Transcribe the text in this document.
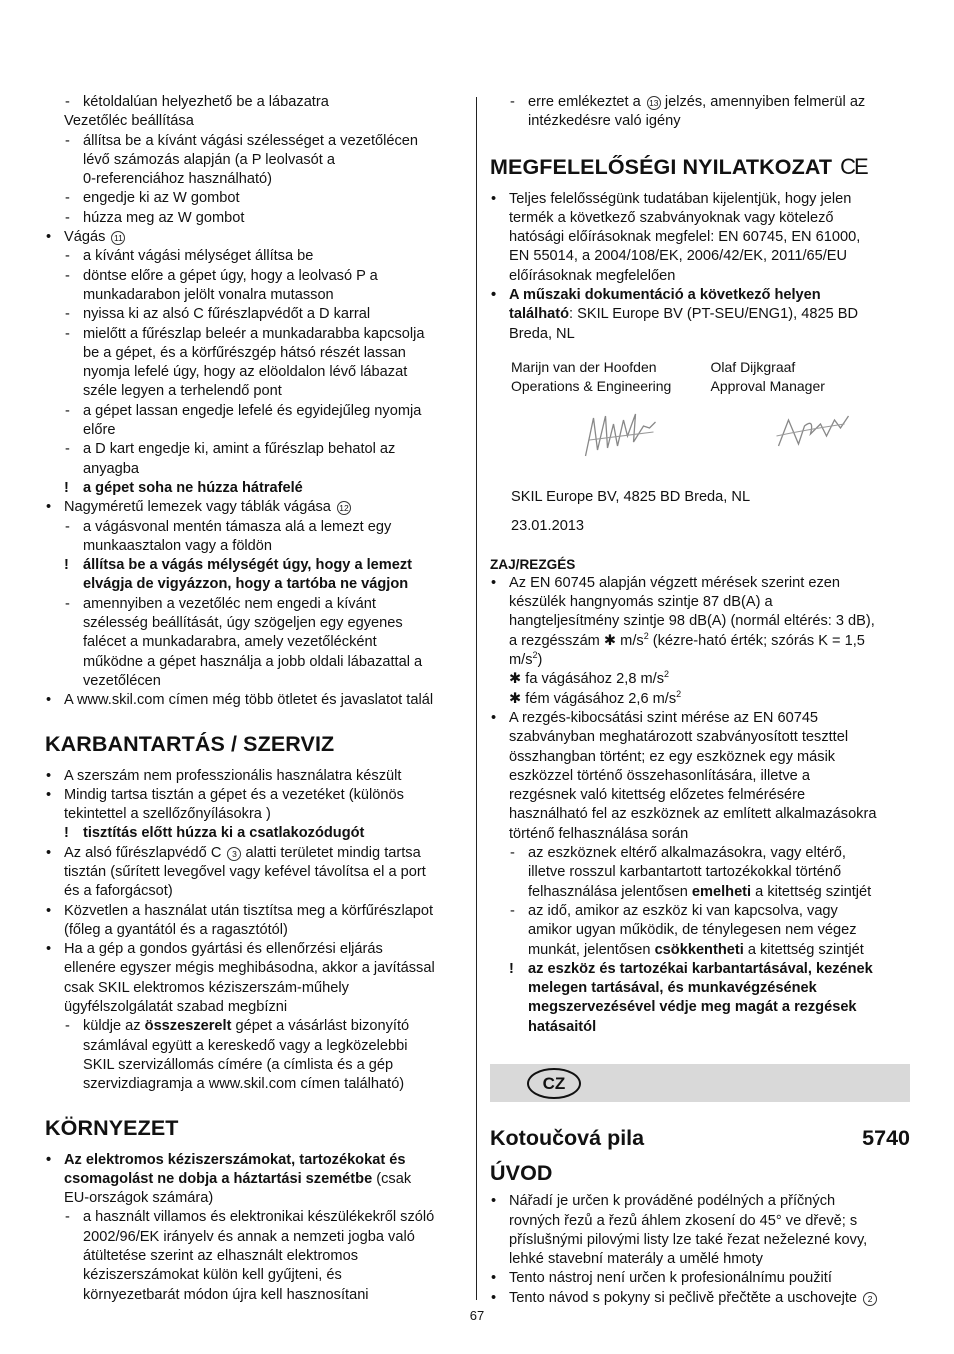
- kétoldalúan helyezhető be a lábazatra
Vezetőléc beállítása
- állítsa be a kívánt vágási szélességet a vezetőlécen
lévő számozás alapján (a P leolvasót a
0-referenciához használható)
- engedje ki az W gombot
- húzza meg az W gombot
• Vágás 11
- a kívánt vágási mélységet állítsa be
- döntse előre a gépet úgy, hogy a leolvasó P a
munkadarabon jelölt vonalra mutasson
- nyissa ki az alsó C fűrészlapvédőt a D karral
- mielőtt a fűrészlap beleér a munkadarabba kapcsolja
be a gépet, és a körfűrészgép hátsó részét lassan
nyomja lefelé úgy, hogy az elöoldalon lévő lábazat
széle legyen a terhelendő pont
- a gépet lassan engedje lefelé és egyidejűleg nyomja
előre
- a D kart engedje ki, amint a fűrészlap behatol az
anyagba
! a gépet soha ne húzza hátrafelé
• Nagyméretű lemezek vagy táblák vágása 12
- a vágásvonal mentén támasza alá a lemezt egy
munkaasztalon vagy a földön
! állítsa be a vágás mélységét úgy, hogy a lemezt
elvágja de vigyázzon, hogy a tartóba ne vágjon
- amennyiben a vezetőléc nem engedi a kívánt
szélesség beállítását, úgy szögeljen egy egyenes
falécet a munkadarabra, amely vezetőlécként
működne a gépet használja a jobb oldali lábazattal a
vezetőlécen
• A www.skil.com címen még több ötletet és javaslatot talál
KARBANTARTÁS / SZERVIZ
• A szerszám nem professzionális használatra készült
• Mindig tartsa tisztán a gépet és a vezetéket (különös
tekintettel a szellőzőnyílásokra )
! tisztítás előtt húzza ki a csatlakozódugót
• Az alsó fűrészlapvédő C 3 alatti területet mindig tartsa
tisztán (sűrített levegővel vagy kefével távolítsa el a port
és a faforgácsot)
• Közvetlen a használat után tisztítsa meg a körfűrészlapot
(főleg a gyantától és a ragasztótól)
• Ha a gép a gondos gyártási és ellenőrzési eljárás
ellenére egyszer mégis meghibásodna, akkor a javítással
csak SKIL elektromos kéziszerszám-műhely
ügyfélszolgálatát szabad megbízni
- küldje az összeszerelt gépet a vásárlást bizonyító
számlával együtt a kereskedő vagy a legközelebbi
SKIL szervizállomás címére (a címlista és a gép
szervizdiagramja a www.skil.com címen található)
KÖRNYEZET
• Az elektromos kéziszerszámokat, tartozékokat és
csomagolást ne dobja a háztartási szemétbe (csak
EU-országok számára)
- a használt villamos és elektronikai készülékekről szóló
2002/96/EK irányelv és annak a nemzeti jogba való
átültetése szerint az elhasznált elektromos
kéziszerszámokat külön kell gyűjteni, és
környezetbarát módon újra kell hasznosítani
- erre emlékeztet a 13 jelzés, amennyiben felmerül az
intézkedésre való igény
MEGFELELŐSÉGI NYILATKOZAT CE
• Teljes felelősségünk tudatában kijelentjük, hogy jelen
termék a következő szabványoknak vagy kötelező
hatósági előírásoknak megfelel: EN 60745, EN 61000,
EN 55014, a 2004/108/EK, 2006/42/EK, 2011/65/EU
előírásoknak megfelelően
• A műszaki dokumentáció a következő helyen
található: SKIL Europe BV (PT-SEU/ENG1), 4825 BD
Breda, NL
Marijn van der Hoofden
Operations & Engineering
Olaf Dijkgraaf
Approval Manager
SKIL Europe BV, 4825 BD Breda, NL
23.01.2013
ZAJ/REZGÉS
• Az EN 60745 alapján végzett mérések szerint ezen
készülék hangnyomás szintje 87 dB(A) a
hangteljesítmény szintje 98 dB(A) (normál eltérés: 3 dB),
a rezgésszám ✱ $m/s^2$ (kézre-ható érték; szórás K = 1,5
$m/s^2$)
✱ fa vágásához 2,8 $m/s^2$
✱ fém vágásához 2,6 $m/s^2$
• A rezgés-kibocsátási szint mérése az EN 60745
szabványban meghatározott szabványosított teszttel
összhangban történt; ez egy eszköznek egy másik
eszközzel történő összehasonlítására, illetve a
rezgésnek való kitettség előzetes felmérésére
használható fel az eszköznek az említett alkalmazásokra
történő felhasználása során
- az eszköznek eltérő alkalmazásokra, vagy eltérő,
illetve rosszul karbantartott tartozékokkal történő
felhasználása jelentősen emelheti a kitettség szintjét
- az idő, amikor az eszköz ki van kapcsolva, vagy
amikor ugyan működik, de ténylegesen nem végez
munkát, jelentősen csökkentheti a kitettség szintjét
! az eszköz és tartozékai karbantartásával, kezének
melegen tartásával, és munkavégzésének
megszervezésével védje meg magát a rezgések
hatásaitól
CZ
Kotoučová pila	5740
ÚVOD
• Nářadí je určen k prováděné podélných a příčných
rovných řezů a řezů áhlem zkosení do 45° ve dřevě; s
příslušnými pilovými listy lze také řezat neželezné kovy,
lehké stavební materály a umělé hmoty
• Tento nástroj není určen k profesionálnímu použití
• Tento návod s pokyny si pečlivě přečtěte a uschovejte 2
67
